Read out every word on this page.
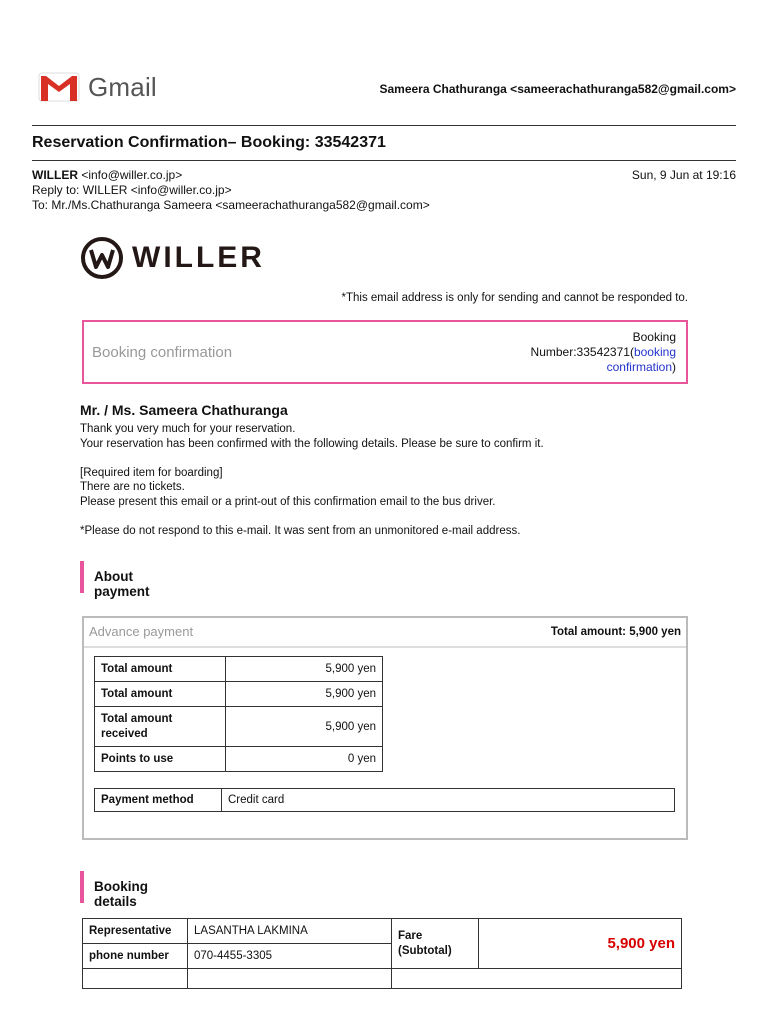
Gmail	Sameera Chathuranga <sameerachathuranga582@gmail.com>
Reservation Confirmation– Booking: 33542371
WILLER <info@willer.co.jp>
Reply to: WILLER <info@willer.co.jp>
To: Mr./Ms.Chathuranga Sameera <sameerachathuranga582@gmail.com>
Sun, 9 Jun at 19:16
WILLER
*This email address is only for sending and cannot be responded to.
Booking confirmation
Booking Number:33542371(booking confirmation)
Mr. / Ms. Sameera Chathuranga
Thank you very much for your reservation.
Your reservation has been confirmed with the following details. Please be sure to confirm it.
[Required item for boarding]
There are no tickets.
Please present this email or a print-out of this confirmation email to the bus driver.
*Please do not respond to this e-mail. It was sent from an unmonitored e-mail address.
About payment
Advance payment	Total amount: 5,900 yen
Total amount	5,900 yen
Total amount	5,900 yen
Total amount received	5,900 yen
Points to use	0 yen
Payment method	Credit card
Booking details
Representative	LASANTHA LAKMINA	Fare (Subtotal)	5,900 yen
phone number	070-4455-3305		
